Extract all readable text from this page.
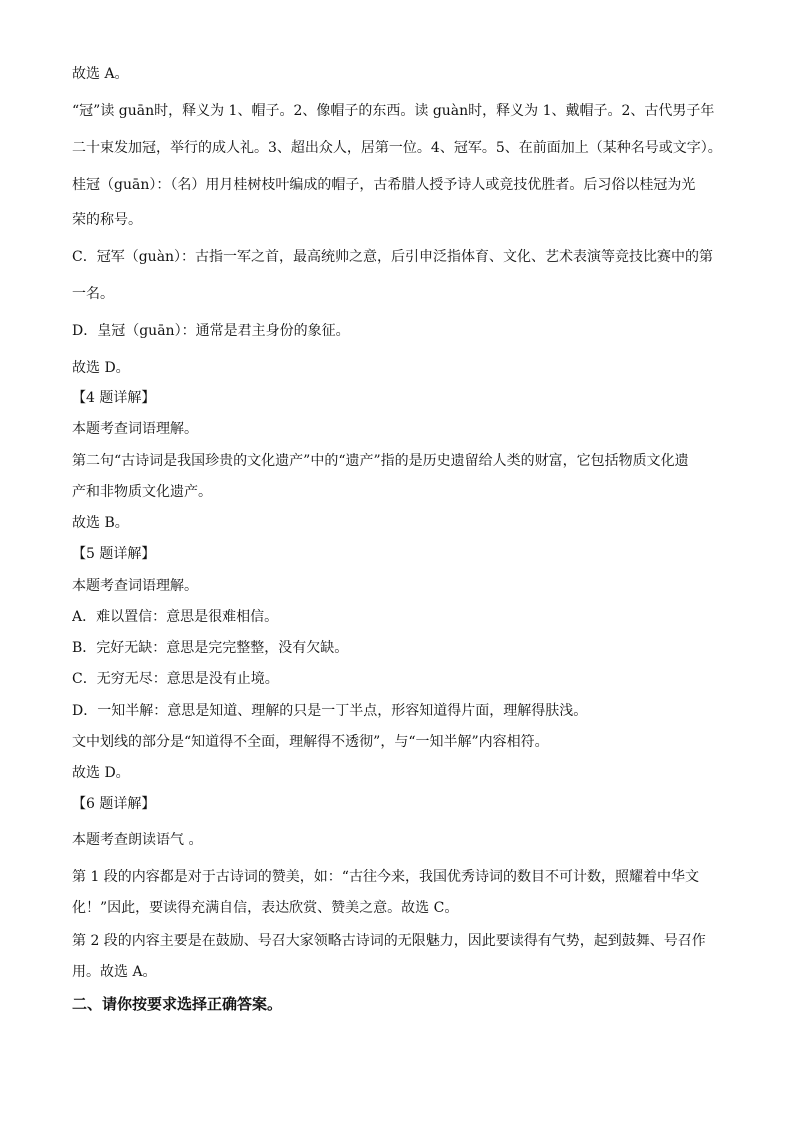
故选 A。
“冠”读 guān时，释义为 1、帽子。2、像帽子的东西。读 guàn时，释义为 1、戴帽子。2、古代男子年
二十束发加冠，举行的成人礼。3、超出众人，居第一位。4、冠军。5、在前面加上（某种名号或文字）。
桂冠（guān）：（名）用月桂树枝叶编成的帽子，古希腊人授予诗人或竞技优胜者。后习俗以桂冠为光
荣的称号。
C．冠军（guàn）：古指一军之首，最高统帅之意，后引申泛指体育、文化、艺术表演等竞技比赛中的第
一名。
D．皇冠（guān）：通常是君主身份的象征。
故选 D。
【4 题详解】
本题考查词语理解。
第二句“古诗词是我国珍贵的文化遗产”中的“遗产”指的是历史遗留给人类的财富，它包括物质文化遗
产和非物质文化遗产。
故选 B。
【5 题详解】
本题考查词语理解。
A．难以置信：意思是很难相信。
B．完好无缺：意思是完完整整，没有欠缺。
C．无穷无尽：意思是没有止境。
D．一知半解：意思是知道、理解的只是一丁半点，形容知道得片面，理解得肤浅。
文中划线的部分是“知道得不全面，理解得不透彻”，与“一知半解”内容相符。
故选 D。
【6 题详解】
本题考查朗读语气 。
第 1 段的内容都是对于古诗词的赞美，如：“古往今来，我国优秀诗词的数目不可计数，照耀着中华文
化！”因此，要读得充满自信，表达欣赏、赞美之意。故选 C。
第 2 段的内容主要是在鼓励、号召大家领略古诗词的无限魅力，因此要读得有气势，起到鼓舞、号召作
用。故选 A。
二、请你按要求选择正确答案。
